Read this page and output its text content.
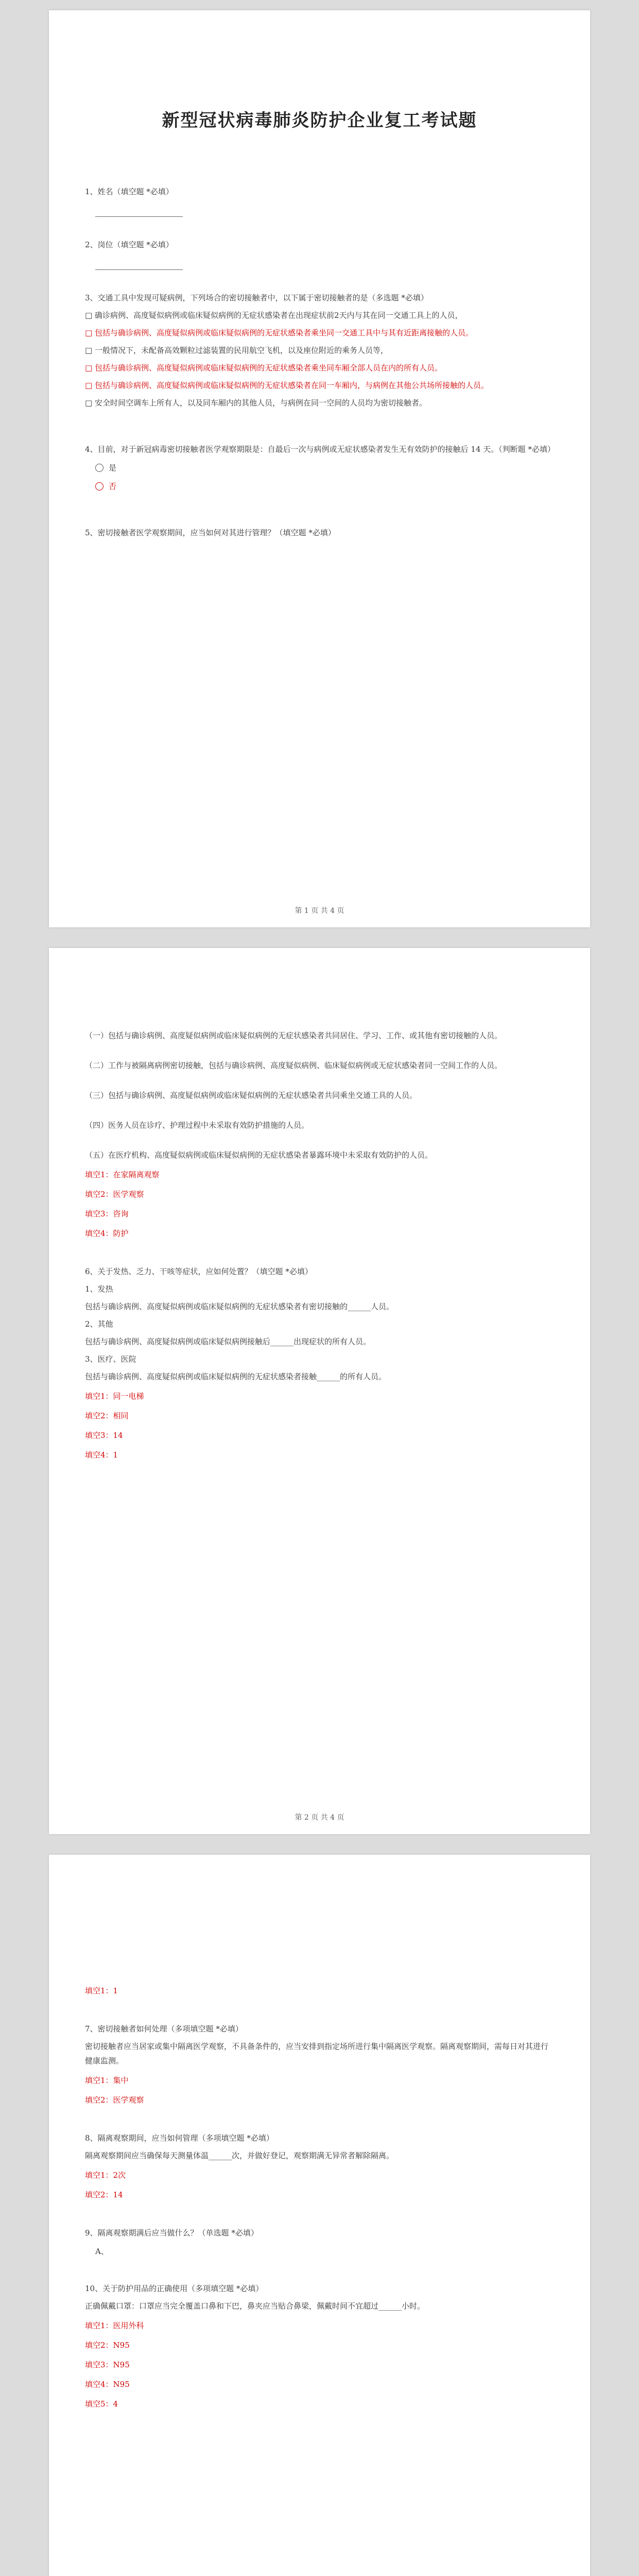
新型冠状病毒肺炎防护企业复工考试题

1、姓名（填空题 *必填）

2、岗位（填空题 *必填）

3、交通工具中发现可疑病例，下列场合的密切接触者中，以下属于密切接触者的是（多选题 *必填）

□ 确诊病例、高度疑似病例或临床疑似病例的无症状感染者在出现症状前2天内与其在同一交通工具上的人员，

□ 包括与确诊病例、高度疑似病例或临床疑似病例的无症状感染者乘坐同一交通工具中与其有近距离接触的人员。

□ 一般情况下，未配备高效颗粒过滤装置的民用航空飞机，以及座位附近的乘务人员等，

□ 包括与确诊病例、高度疑似病例或临床疑似病例的无症状感染者乘坐同车厢全部人员在内的所有人员。

□ 包括与确诊病例、高度疑似病例或临床疑似病例的无症状感染者在同一车厢内，与病例在其他公共场所接触的人员。

□ 安全时间空调车上所有人，以及同车厢内的其他人员，与病例在同一空间的人员均为密切接触者。

4、目前，对于新冠病毒密切接触者医学观察期限是：自最后一次与病例或无症状感染者发生无有效防护的接触后 14 天。（判断题 *必填）

是
否

5、密切接触者医学观察期间，应当如何对其进行管理？（填空题 *必填）

第 1 页 共 4 页

（一）包括与确诊病例、高度疑似病例或临床疑似病例的无症状感染者共同居住、学习、工作、或其他有密切接触的人员。

（二）工作与被隔离病例密切接触，包括与确诊病例、高度疑似病例、临床疑似病例或无症状感染者同一空间工作的人员。

（三）包括与确诊病例、高度疑似病例或临床疑似病例的无症状感染者共同乘坐交通工具的人员。

（四）医务人员在诊疗、护理过程中未采取有效防护措施的人员。

（五）在医疗机构、高度疑似病例或临床疑似病例的无症状感染者暴露环境中未采取有效防护的人员。

填空1：在家隔离观察
填空2：医学观察
填空3：咨询
填空4：防护

6、关于发热、乏力、干咳等症状，应如何处置？（填空题 *必填）

1、发热

包括与确诊病例、高度疑似病例或临床疑似病例的无症状感染者有密切接触的______人员。

2、其他

包括与确诊病例、高度疑似病例或临床疑似病例接触后______出现症状的所有人员。

3、医疗、医院

包括与确诊病例、高度疑似病例或临床疑似病例的无症状感染者接触______的所有人员。

填空1：同一电梯
填空2：相同
填空3：14
填空4：1
第 2 页 共 4 页
填空1：1

7、密切接触者如何处理（多项填空题 *必填）

密切接触者应当居家或集中隔离医学观察，不具备条件的，应当安排到指定场所进行集中隔离医学观察。隔离观察期间，需每日对其进行健康监测。

填空1：集中
填空2：医学观察

8、隔离观察期间，应当如何管理（多项填空题 *必填）

隔离观察期间应当确保每天测量体温______次，并做好登记，观察期满无异常者解除隔离。

填空1：2次
填空2：14

9、隔离观察期满后应当做什么？（单选题 *必填）

A、

10、关于防护用品的正确使用（多项填空题 *必填）

正确佩戴口罩：口罩应当完全覆盖口鼻和下巴，鼻夹应当贴合鼻梁，佩戴时间不宜超过______小时。

填空1：医用外科
填空2：N95
填空3：N95
填空4：N95
填空5：4
